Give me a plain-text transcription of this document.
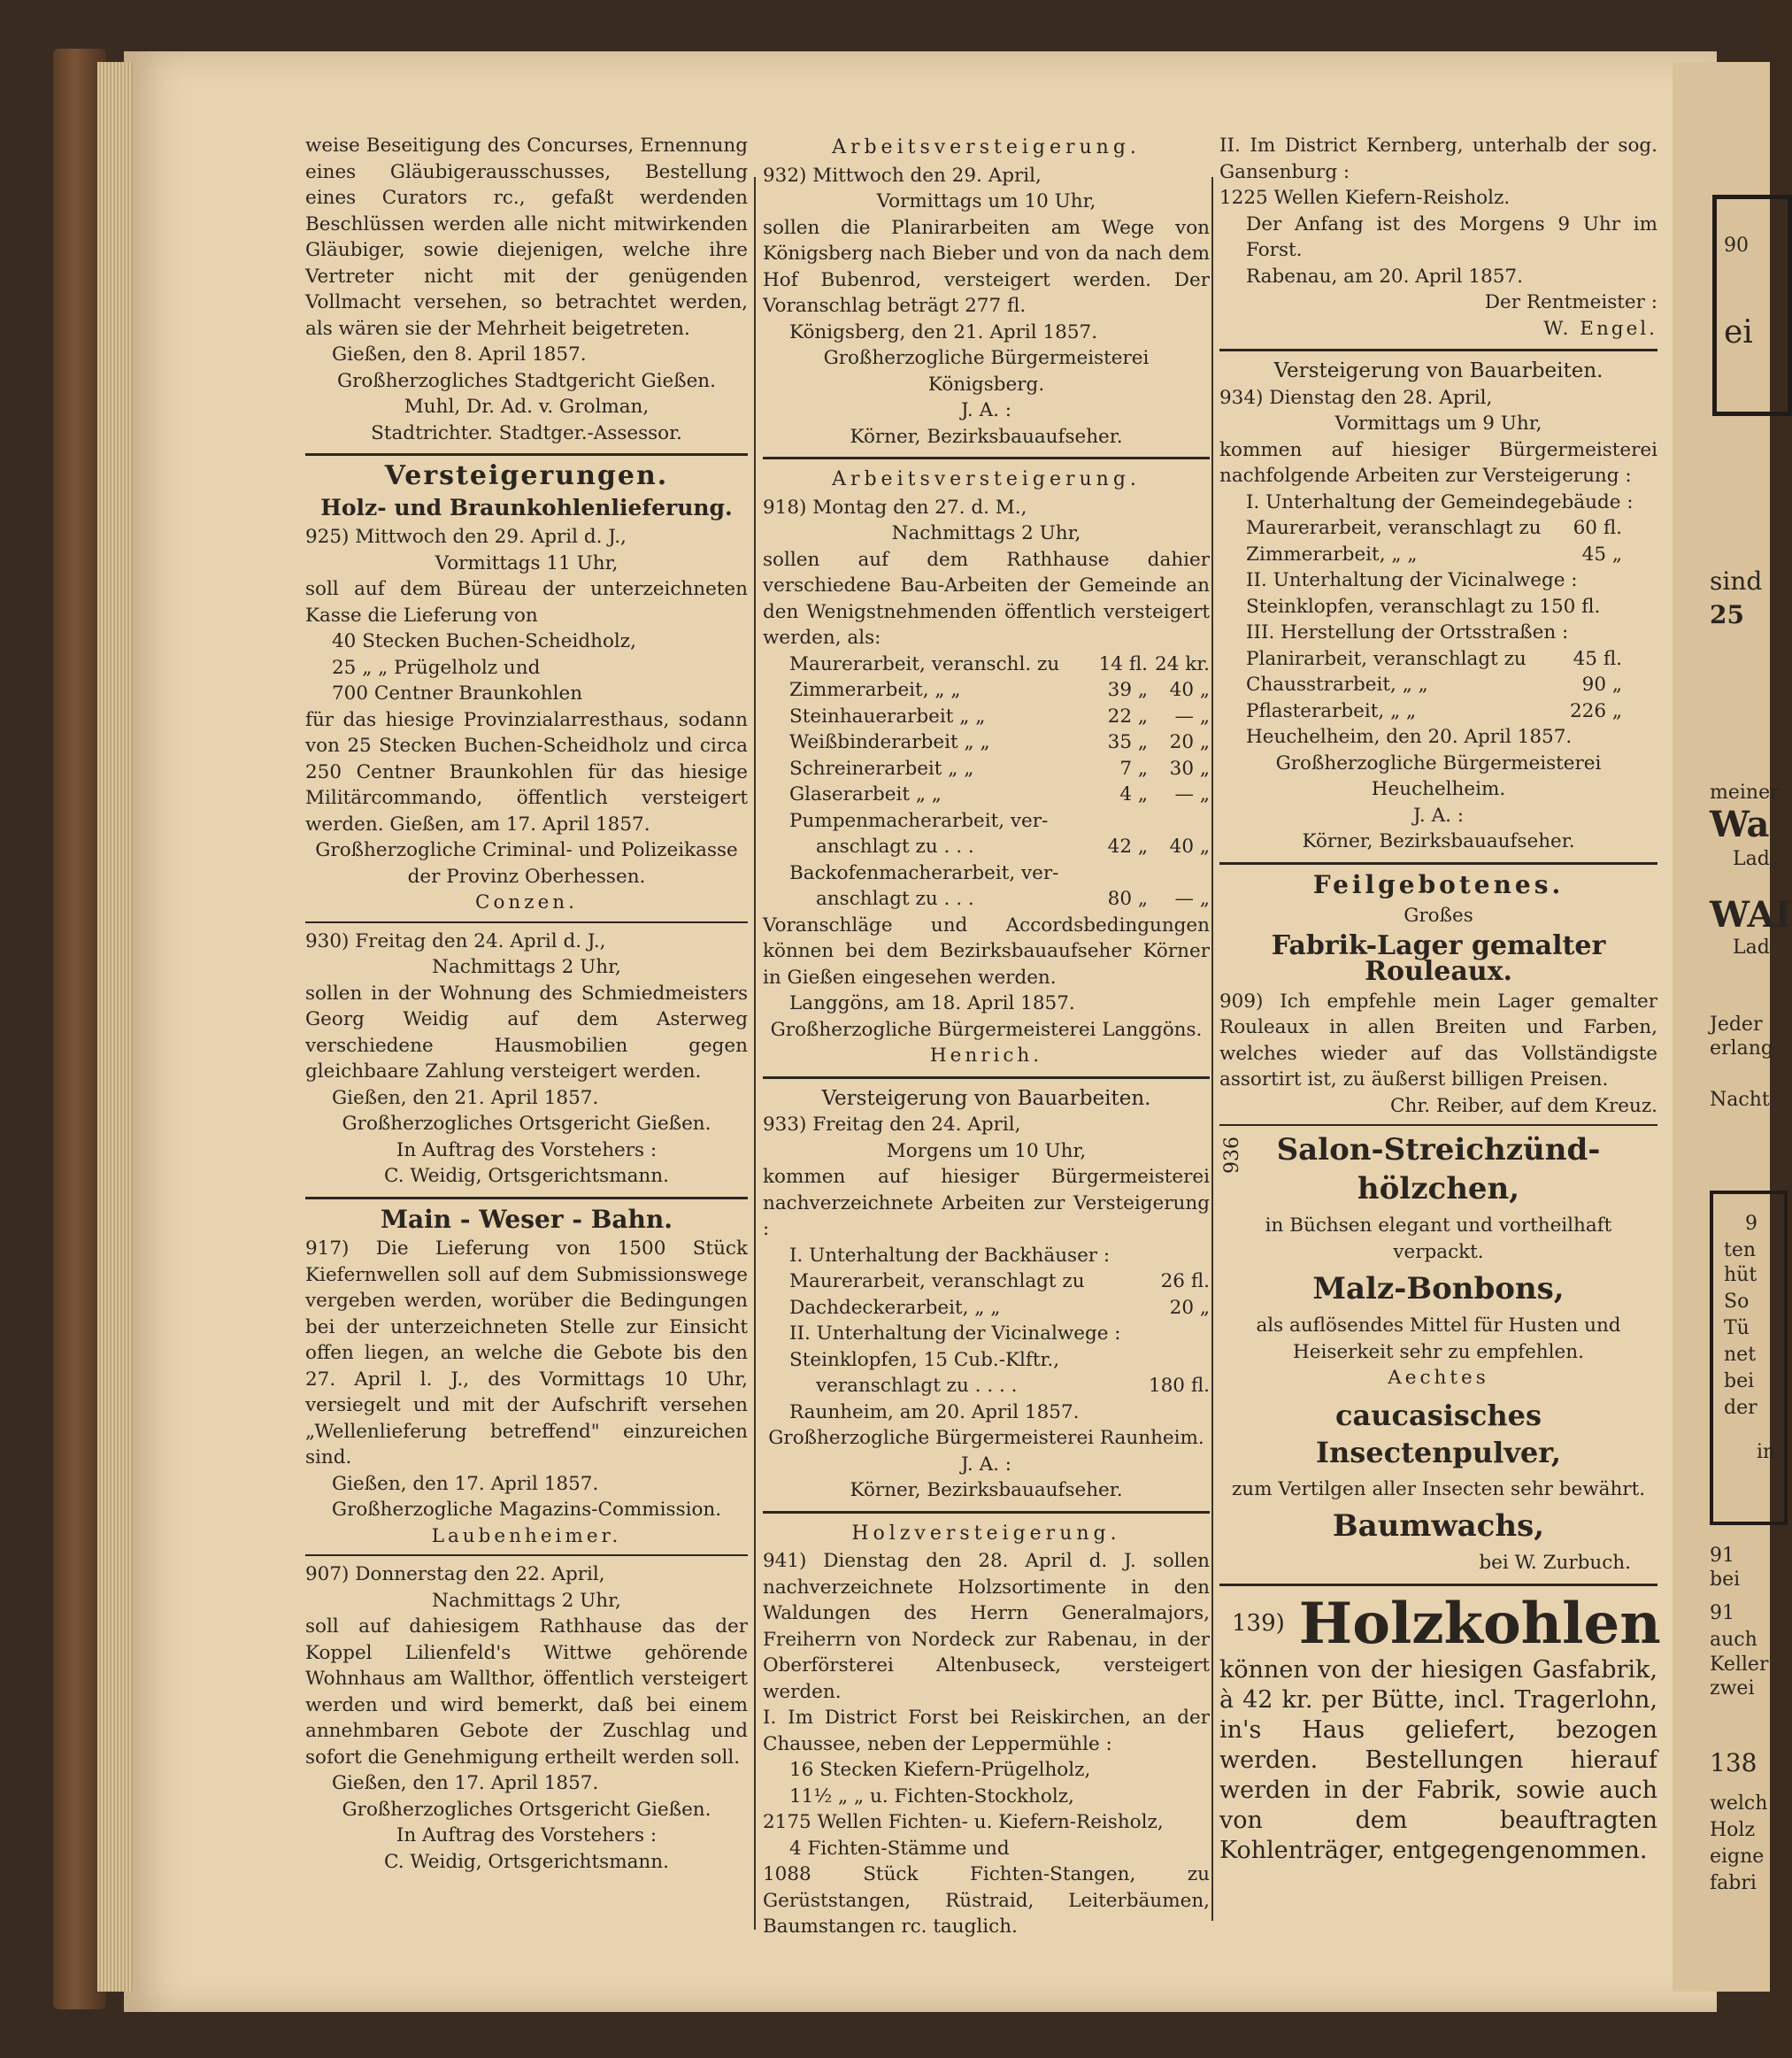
weise Beseitigung des Concurses, Ernennung eines Gläubigerausschusses, Bestellung eines Curators rc., gefaßt werdenden Beschlüssen werden alle nicht mitwirkenden Gläubiger, sowie diejenigen, welche ihre Vertreter nicht mit der genügenden Vollmacht versehen, so betrachtet werden, als wären sie der Mehrheit beigetreten.

Gießen, den 8. April 1857.

Großherzogliches Stadtgericht Gießen.

Muhl, Dr. Ad. v. Grolman,

Stadtrichter. Stadtger.-Assessor.

Versteigerungen.
Holz- und Braunkohlenlieferung.

925) Mittwoch den 29. April d. J.,

Vormittags 11 Uhr,

soll auf dem Büreau der unterzeichneten Kasse die Lieferung von

40 Stecken Buchen-Scheidholz,

25 „ „ Prügelholz und

700 Centner Braunkohlen

für das hiesige Provinzialarresthaus, sodann von 25 Stecken Buchen-Scheidholz und circa 250 Centner Braunkohlen für das hiesige Militärcommando, öffentlich versteigert werden. Gießen, am 17. April 1857.

Großherzogliche Criminal- und Polizeikasse der Provinz Oberhessen.

Conzen.

930) Freitag den 24. April d. J.,

Nachmittags 2 Uhr,

sollen in der Wohnung des Schmiedmeisters Georg Weidig auf dem Asterweg verschiedene Hausmobilien gegen gleichbaare Zahlung versteigert werden.

Gießen, den 21. April 1857.

Großherzogliches Ortsgericht Gießen.

In Auftrag des Vorstehers :

C. Weidig, Ortsgerichtsmann.

Main - Weser - Bahn.

917) Die Lieferung von 1500 Stück Kiefernwellen soll auf dem Submissionswege vergeben werden, worüber die Bedingungen bei der unterzeichneten Stelle zur Einsicht offen liegen, an welche die Gebote bis den 27. April l. J., des Vormittags 10 Uhr, versiegelt und mit der Aufschrift versehen „Wellenlieferung betreffend" einzureichen sind.

Gießen, den 17. April 1857.

Großherzogliche Magazins-Commission.

Laubenheimer.

907) Donnerstag den 22. April,

Nachmittags 2 Uhr,

soll auf dahiesigem Rathhause das der Koppel Lilienfeld's Wittwe gehörende Wohnhaus am Wallthor, öffentlich versteigert werden und wird bemerkt, daß bei einem annehmbaren Gebote der Zuschlag und sofort die Genehmigung ertheilt werden soll.

Gießen, den 17. April 1857.

Großherzogliches Ortsgericht Gießen.

In Auftrag des Vorstehers :

C. Weidig, Ortsgerichtsmann.

Arbeitsversteigerung.

932) Mittwoch den 29. April,

Vormittags um 10 Uhr,

sollen die Planirarbeiten am Wege von Königsberg nach Bieber und von da nach dem Hof Bubenrod, versteigert werden. Der Voranschlag beträgt 277 fl.

Königsberg, den 21. April 1857.

Großherzogliche Bürgermeisterei Königsberg.

J. A. :

Körner, Bezirksbauaufseher.

Arbeitsversteigerung.

918) Montag den 27. d. M.,

Nachmittags 2 Uhr,

sollen auf dem Rathhause dahier verschiedene Bau-Arbeiten der Gemeinde an den Wenigstnehmenden öffentlich versteigert werden, als:

Maurerarbeit, veranschl. zu	14 fl. 24 kr.
Zimmerarbeit, „ „	39 „	40 „
Steinhauerarbeit „ „	22 „	— „
Weißbinderarbeit „ „	35 „	20 „
Schreinerarbeit „ „	7 „	30 „
Glaserarbeit „ „	4 „	— „
Pumpenmacherarbeit, ver-
anschlagt zu . . .	42 „	40 „
Backofenmacherarbeit, ver-
anschlagt zu . . .	80 „	— „

Voranschläge und Accordsbedingungen können bei dem Bezirksbauaufseher Körner in Gießen eingesehen werden.

Langgöns, am 18. April 1857.

Großherzogliche Bürgermeisterei Langgöns.

Henrich.

Versteigerung von Bauarbeiten.

933) Freitag den 24. April,

Morgens um 10 Uhr,

kommen auf hiesiger Bürgermeisterei nachverzeichnete Arbeiten zur Versteigerung :

I. Unterhaltung der Backhäuser :

Maurerarbeit, veranschlagt zu	26 fl.
Dachdeckerarbeit, „ „	20 „

II. Unterhaltung der Vicinalwege :

Steinklopfen, 15 Cub.-Klftr.,

veranschlagt zu . . . .	180 fl.

Raunheim, am 20. April 1857.

Großherzogliche Bürgermeisterei Raunheim.

J. A. :

Körner, Bezirksbauaufseher.

Holzversteigerung.

941) Dienstag den 28. April d. J. sollen nachverzeichnete Holzsortimente in den Waldungen des Herrn Generalmajors, Freiherrn von Nordeck zur Rabenau, in der Oberförsterei Altenbuseck, versteigert werden.

I. Im District Forst bei Reiskirchen, an der Chaussee, neben der Leppermühle :

16 Stecken Kiefern-Prügelholz,

11½ „ „ u. Fichten-Stockholz,

2175 Wellen Fichten- u. Kiefern-Reisholz,

4 Fichten-Stämme und

1088 Stück Fichten-Stangen, zu Gerüststangen, Rüstraid, Leiterbäumen, Baumstangen rc. tauglich.

II. Im District Kernberg, unterhalb der sog. Gansenburg :

1225 Wellen Kiefern-Reisholz.

Der Anfang ist des Morgens 9 Uhr im Forst.

Rabenau, am 20. April 1857.

Der Rentmeister :

W. Engel.

Versteigerung von Bauarbeiten.

934) Dienstag den 28. April,

Vormittags um 9 Uhr,

kommen auf hiesiger Bürgermeisterei nachfolgende Arbeiten zur Versteigerung :

I. Unterhaltung der Gemeindegebäude :

Maurerarbeit, veranschlagt zu 60 fl.
Zimmerarbeit, „ „	45 „

II. Unterhaltung der Vicinalwege :

Steinklopfen, veranschlagt zu 150 fl.

III. Herstellung der Ortsstraßen :

Planirarbeit, veranschlagt zu 45 fl.
Chausstrarbeit, „ „	90 „
Pflasterarbeit, „ „	226 „

Heuchelheim, den 20. April 1857.

Großherzogliche Bürgermeisterei Heuchelheim.

J. A. :

Körner, Bezirksbauaufseher.

Feilgebotenes.

Großes

Fabrik-Lager gemalter Rouleaux.

909) Ich empfehle mein Lager gemalter Rouleaux in allen Breiten und Farben, welches wieder auf das Vollständigste assortirt ist, zu äußerst billigen Preisen.

Chr. Reiber, auf dem Kreuz.

936	Salon-Streichzünd-
hölzchen,

in Büchsen elegant und vortheilhaft verpackt.

Malz-Bonbons,

als auflösendes Mittel für Husten und Heiserkeit sehr zu empfehlen.

Aechtes

caucasisches Insectenpulver,

zum Vertilgen aller Insecten sehr bewährt.

Baumwachs,

bei W. Zurbuch.

139) Holzkohlen

können von der hiesigen Gasfabrik, à 42 kr. per Bütte, incl. Tragerlohn, in's Haus geliefert, bezogen werden. Bestellungen hierauf werden in der Fabrik, sowie auch von dem beauftragten Kohlenträger, entgegengenommen.

90
ei
sind
25
meiner
Wa
Lad
WAI
Lad
Jeder
erlang
Nacht
9
ten
hüt
So
Tü
net
bei
der
in
91
bei
91
auch
Keller
zwei
138
welch
Holz
eigne
fabri
